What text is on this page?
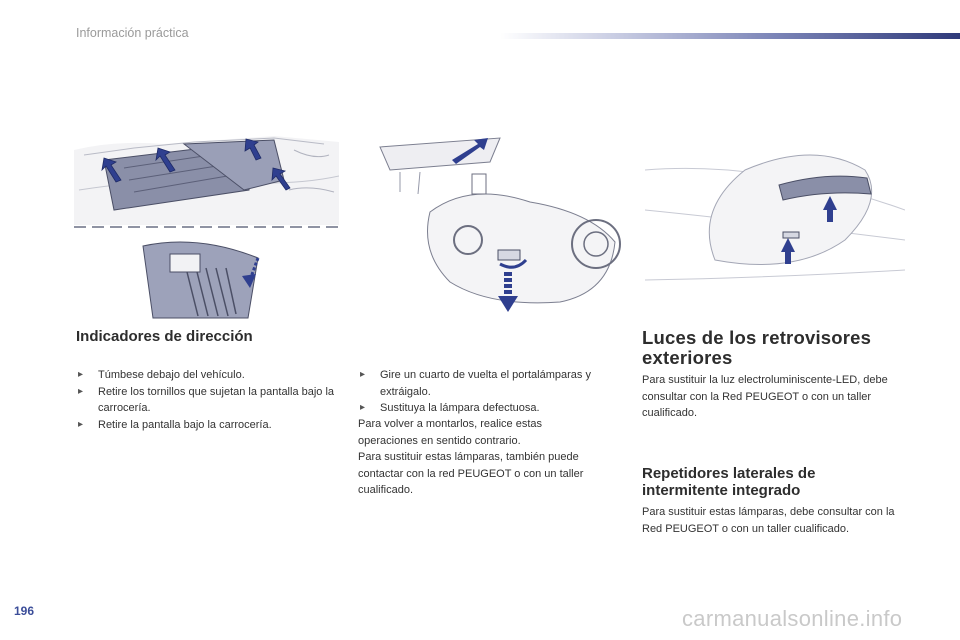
Información práctica
Indicadores de dirección
▸ Túmbese debajo del vehículo.
▸ Retire los tornillos que sujetan la pantalla bajo la carrocería.
▸ Retire la pantalla bajo la carrocería.
▸ Gire un cuarto de vuelta el portalámparas y extráigalo.
▸ Sustituya la lámpara defectuosa.

Para volver a montarlos, realice estas operaciones en sentido contrario.

Para sustituir estas lámparas, también puede contactar con la red PEUGEOT o con un taller cualificado.

Luces de los retrovisores exteriores

Para sustituir la luz electroluminiscente-LED, debe consultar con la Red PEUGEOT o con un taller cualificado.

Repetidores laterales de intermitente integrado

Para sustituir estas lámparas, debe consultar con la Red PEUGEOT o con un taller cualificado.

196	carmanualsonline.info
